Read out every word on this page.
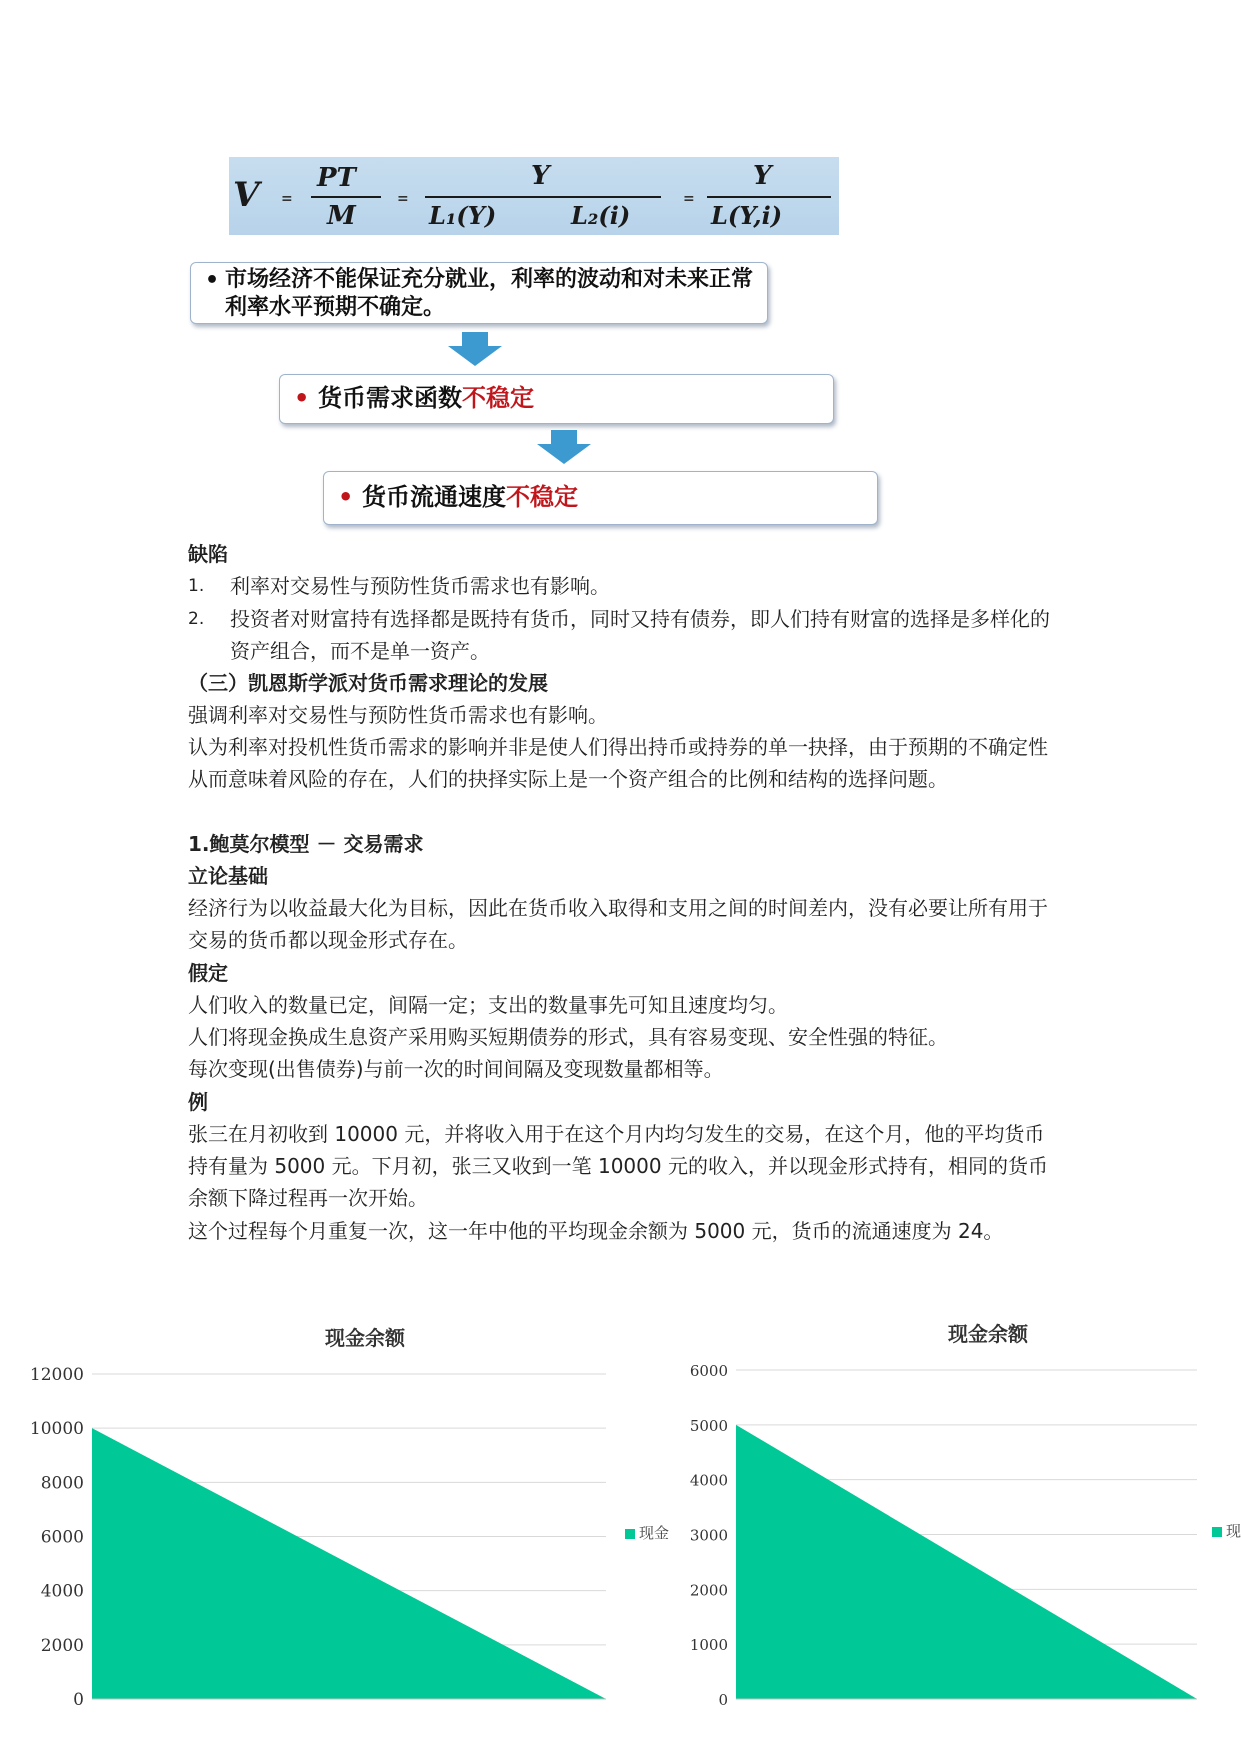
V =
PT
M
=
Y
L₁(Y)	L₂(i)
=
Y
L(Y,i)
• 市场经济不能保证充分就业，利率的波动和对未来正常利率水平预期不确定。
• 货币需求函数不稳定
• 货币流通速度不稳定
缺陷
1. 利率对交易性与预防性货币需求也有影响。
2. 投资者对财富持有选择都是既持有货币，同时又持有债券，即人们持有财富的选择是多样化的资产组合，而不是单一资产。
（三）凯恩斯学派对货币需求理论的发展
强调利率对交易性与预防性货币需求也有影响。
认为利率对投机性货币需求的影响并非是使人们得出持币或持券的单一抉择，由于预期的不确定性从而意味着风险的存在，人们的抉择实际上是一个资产组合的比例和结构的选择问题。
1.鲍莫尔模型 － 交易需求
立论基础
经济行为以收益最大化为目标，因此在货币收入取得和支用之间的时间差内，没有必要让所有用于交易的货币都以现金形式存在。
假定
人们收入的数量已定，间隔一定；支出的数量事先可知且速度均匀。
人们将现金换成生息资产采用购买短期债券的形式，具有容易变现、安全性强的特征。
每次变现(出售债券)与前一次的时间间隔及变现数量都相等。
例
张三在月初收到 10000 元，并将收入用于在这个月内均匀发生的交易，在这个月，他的平均货币持有量为 5000 元。下月初，张三又收到一笔 10000 元的收入，并以现金形式持有，相同的货币余额下降过程再一次开始。
这个过程每个月重复一次，这一年中他的平均现金余额为 5000 元，货币的流通速度为 24。
现金余额
0
2000
4000
6000
8000
10000
12000
现金
现金余额
0
1000
2000
3000
4000
5000
6000
现
